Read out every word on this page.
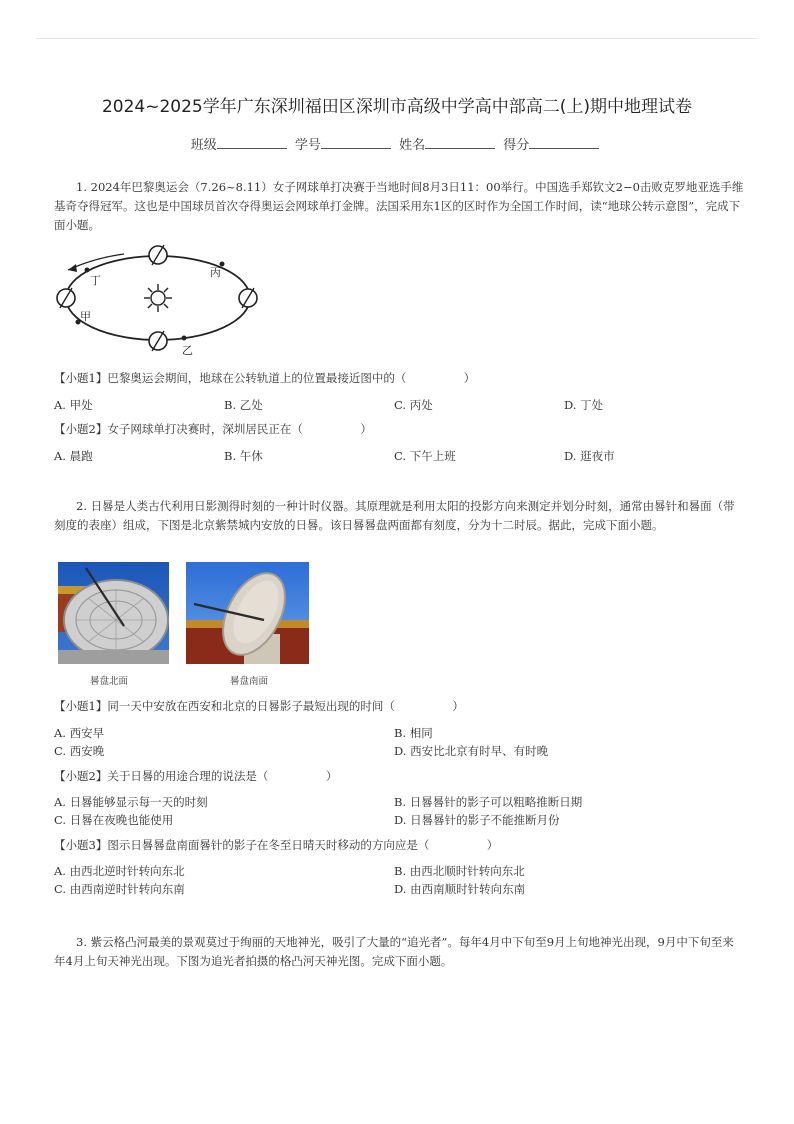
2024~2025学年广东深圳福田区深圳市高级中学高中部高二(上)期中地理试卷
班级	学号	姓名	得分
1. 2024年巴黎奥运会（7.26~8.11）女子网球单打决赛于当地时间8月3日11：00举行。中国选手郑钦文2−0击败克罗地亚选手维基奇夺得冠军。这也是中国球员首次夺得奥运会网球单打金牌。法国采用东1区的区时作为全国工作时间，读“地球公转示意图”，完成下面小题。
丁
丙
甲
乙
【小题1】巴黎奥运会期间，地球在公转轨道上的位置最接近图中的（　　　　　）
A. 甲处	B. 乙处	C. 丙处	D. 丁处
【小题2】女子网球单打决赛时，深圳居民正在（　　　　　）
A. 晨跑	B. 午休	C. 下午上班	D. 逛夜市
2. 日晷是人类古代利用日影测得时刻的一种计时仪器。其原理就是利用太阳的投影方向来测定并划分时刻，通常由晷针和晷面（带刻度的表座）组成，下图是北京紫禁城内安放的日晷。该日晷晷盘两面都有刻度，分为十二时辰。据此，完成下面小题。
晷盘北面	晷盘南面
【小题1】同一天中安放在西安和北京的日晷影子最短出现的时间（　　　　　）
A. 西安早	B. 相同
C. 西安晚	D. 西安比北京有时早、有时晚
【小题2】关于日晷的用途合理的说法是（　　　　　）
A. 日晷能够显示每一天的时刻	B. 日晷晷针的影子可以粗略推断日期
C. 日晷在夜晚也能使用	D. 日晷晷针的影子不能推断月份
【小题3】图示日晷晷盘南面晷针的影子在冬至日晴天时移动的方向应是（　　　　　）
A. 由西北逆时针转向东北	B. 由西北顺时针转向东北
C. 由西南逆时针转向东南	D. 由西南顺时针转向东南
3. 紫云格凸河最美的景观莫过于绚丽的天地神光，吸引了大量的“追光者”。每年4月中下旬至9月上旬地神光出现，9月中下旬至来年4月上旬天神光出现。下图为追光者拍摄的格凸河天神光图。完成下面小题。
